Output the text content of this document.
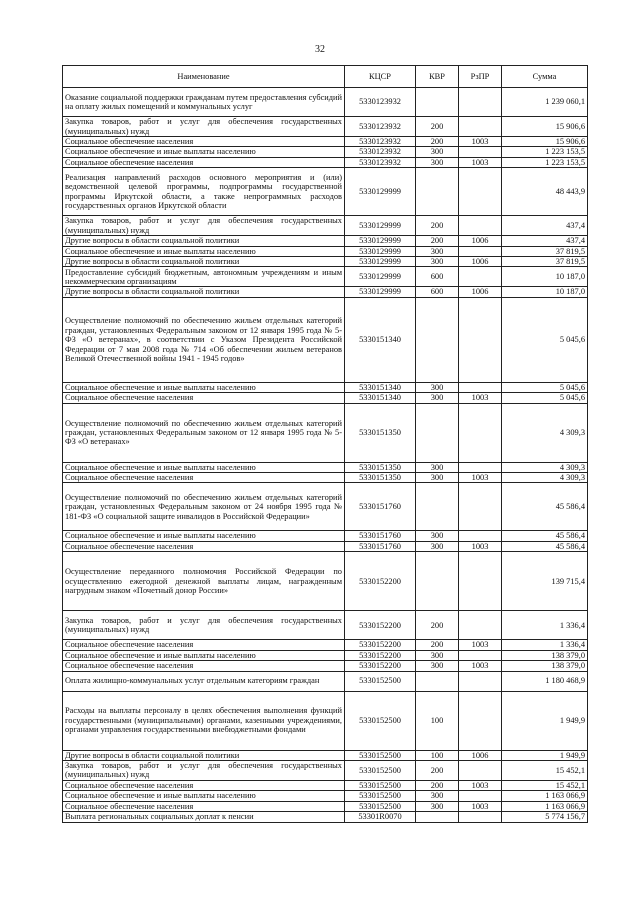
32
Наименование	КЦСР	КВР	РзПР	Сумма
Оказание социальной поддержки гражданам путем предоставления субсидий на оплату жилых помещений и коммунальных услуг	5330123932			1 239 060,1
Закупка товаров, работ и услуг для обеспечения государственных (муниципальных) нужд	5330123932	200		15 906,6
Социальное обеспечение населения	5330123932	200	1003	15 906,6
Социальное обеспечение и иные выплаты населению	5330123932	300		1 223 153,5
Социальное обеспечение населения	5330123932	300	1003	1 223 153,5
Реализация направлений расходов основного мероприятия и (или) ведомственной целевой программы, подпрограммы государственной программы Иркутской области, а также непрограммных расходов государственных органов Иркутской области	5330129999			48 443,9
Закупка товаров, работ и услуг для обеспечения государственных (муниципальных) нужд	5330129999	200		437,4
Другие вопросы в области социальной политики	5330129999	200	1006	437,4
Социальное обеспечение и иные выплаты населению	5330129999	300		37 819,5
Другие вопросы в области социальной политики	5330129999	300	1006	37 819,5
Предоставление субсидий бюджетным, автономным учреждениям и иным некоммерческим организациям	5330129999	600		10 187,0
Другие вопросы в области социальной политики	5330129999	600	1006	10 187,0
Осуществление полномочий по обеспечению жильем отдельных категорий граждан, установленных Федеральным законом от 12 января 1995 года № 5-ФЗ «О ветеранах», в соответствии с Указом Президента Российской Федерации от 7 мая 2008 года № 714 «Об обеспечении жильем ветеранов Великой Отечественной войны 1941 - 1945 годов»	5330151340			5 045,6
Социальное обеспечение и иные выплаты населению	5330151340	300		5 045,6
Социальное обеспечение населения	5330151340	300	1003	5 045,6
Осуществление полномочий по обеспечению жильем отдельных категорий граждан, установленных Федеральным законом от 12 января 1995 года № 5-ФЗ «О ветеранах»	5330151350			4 309,3
Социальное обеспечение и иные выплаты населению	5330151350	300		4 309,3
Социальное обеспечение населения	5330151350	300	1003	4 309,3
Осуществление полномочий по обеспечению жильем отдельных категорий граждан, установленных Федеральным законом от 24 ноября 1995 года № 181-ФЗ «О социальной защите инвалидов в Российской Федерации»	5330151760			45 586,4
Социальное обеспечение и иные выплаты населению	5330151760	300		45 586,4
Социальное обеспечение населения	5330151760	300	1003	45 586,4
Осуществление переданного полномочия Российской Федерации по осуществлению ежегодной денежной выплаты лицам, награжденным нагрудным знаком «Почетный донор России»	5330152200			139 715,4
Закупка товаров, работ и услуг для обеспечения государственных (муниципальных) нужд	5330152200	200		1 336,4
Социальное обеспечение населения	5330152200	200	1003	1 336,4
Социальное обеспечение и иные выплаты населению	5330152200	300		138 379,0
Социальное обеспечение населения	5330152200	300	1003	138 379,0
Оплата жилищно-коммунальных услуг отдельным категориям граждан	5330152500			1 180 468,9
Расходы на выплаты персоналу в целях обеспечения выполнения функций государственными (муниципальными) органами, казенными учреждениями, органами управления государственными внебюджетными фондами	5330152500	100		1 949,9
Другие вопросы в области социальной политики	5330152500	100	1006	1 949,9
Закупка товаров, работ и услуг для обеспечения государственных (муниципальных) нужд	5330152500	200		15 452,1
Социальное обеспечение населения	5330152500	200	1003	15 452,1
Социальное обеспечение и иные выплаты населению	5330152500	300		1 163 066,9
Социальное обеспечение населения	5330152500	300	1003	1 163 066,9
Выплата региональных социальных доплат к пенсии	53301R0070			5 774 156,7
